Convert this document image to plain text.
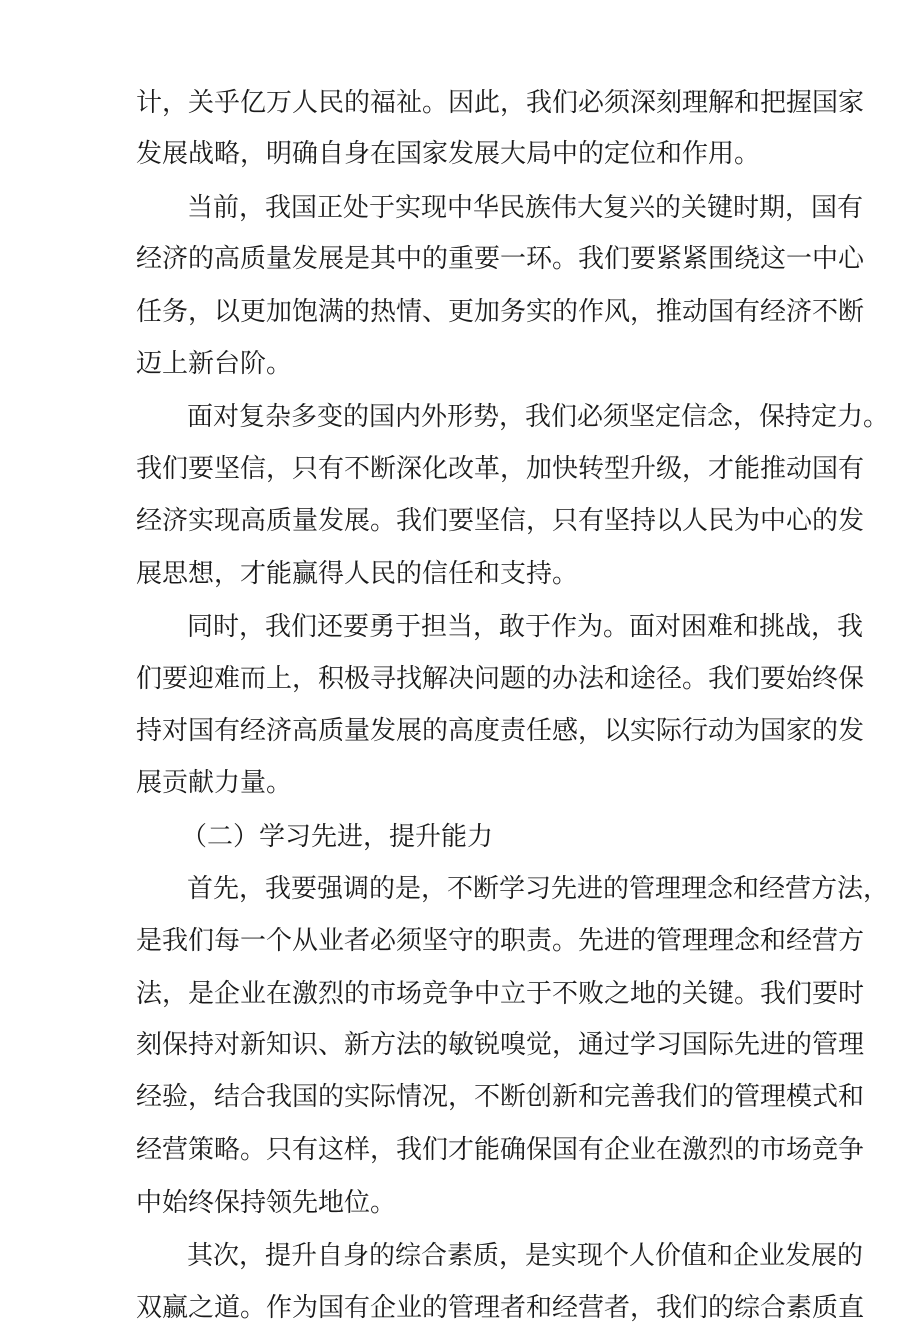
计，关乎亿万人民的福祉。因此，我们必须深刻理解和把握国家
发展战略，明确自身在国家发展大局中的定位和作用。
当前，我国正处于实现中华民族伟大复兴的关键时期，国有
经济的高质量发展是其中的重要一环。我们要紧紧围绕这一中心
任务，以更加饱满的热情、更加务实的作风，推动国有经济不断
迈上新台阶。
面对复杂多变的国内外形势，我们必须坚定信念，保持定力。
我们要坚信，只有不断深化改革，加快转型升级，才能推动国有
经济实现高质量发展。我们要坚信，只有坚持以人民为中心的发
展思想，才能赢得人民的信任和支持。
同时，我们还要勇于担当，敢于作为。面对困难和挑战，我
们要迎难而上，积极寻找解决问题的办法和途径。我们要始终保
持对国有经济高质量发展的高度责任感，以实际行动为国家的发
展贡献力量。
（二）学习先进，提升能力
首先，我要强调的是，不断学习先进的管理理念和经营方法，
是我们每一个从业者必须坚守的职责。先进的管理理念和经营方
法，是企业在激烈的市场竞争中立于不败之地的关键。我们要时
刻保持对新知识、新方法的敏锐嗅觉，通过学习国际先进的管理
经验，结合我国的实际情况，不断创新和完善我们的管理模式和
经营策略。只有这样，我们才能确保国有企业在激烈的市场竞争
中始终保持领先地位。
其次，提升自身的综合素质，是实现个人价值和企业发展的
双赢之道。作为国有企业的管理者和经营者，我们的综合素质直
